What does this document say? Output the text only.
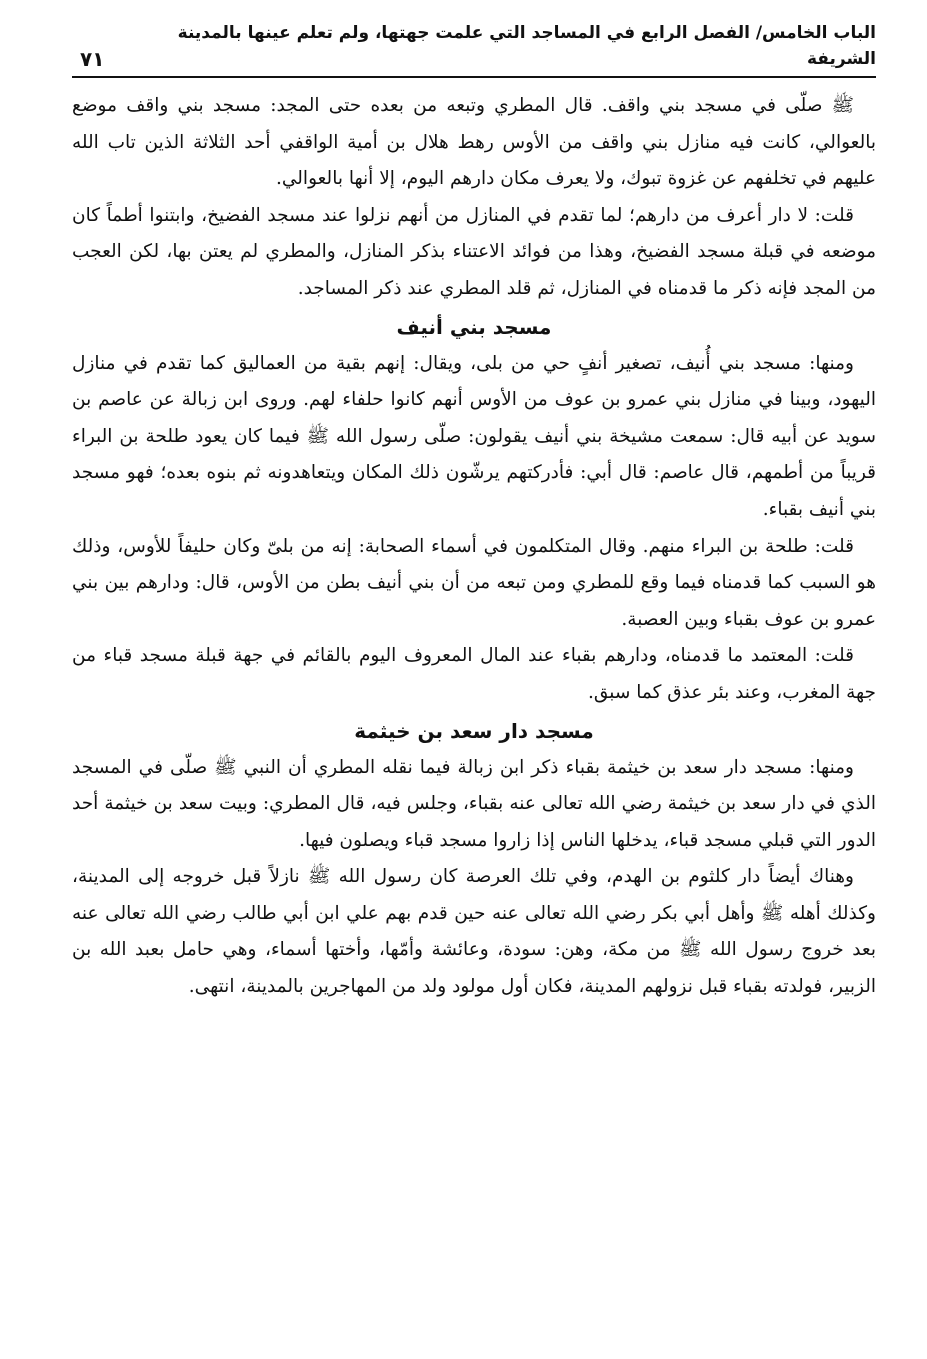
الباب الخامس/ الفصل الرابع في المساجد التي علمت جهتها، ولم تعلم عينها بالمدينة الشريفة
٧١

ﷺ صلّى في مسجد بني واقف. قال المطري وتبعه من بعده حتى المجد: مسجد بني واقف موضع بالعوالي، كانت فيه منازل بني واقف من الأوس رهط هلال بن أمية الواقفي أحد الثلاثة الذين تاب الله عليهم في تخلفهم عن غزوة تبوك، ولا يعرف مكان دارهم اليوم، إلا أنها بالعوالي.

قلت: لا دار أعرف من دارهم؛ لما تقدم في المنازل من أنهم نزلوا عند مسجد الفضيخ، وابتنوا أطماً كان موضعه في قبلة مسجد الفضيخ، وهذا من فوائد الاعتناء بذكر المنازل، والمطري لم يعتن بها، لكن العجب من المجد فإنه ذكر ما قدمناه في المنازل، ثم قلد المطري عند ذكر المساجد.

مسجد بني أنيف

ومنها: مسجد بني أُنيف، تصغير أنفٍ حي من بلى، ويقال: إنهم بقية من العماليق كما تقدم في منازل اليهود، وبينا في منازل بني عمرو بن عوف من الأوس أنهم كانوا حلفاء لهم. وروى ابن زبالة عن عاصم بن سويد عن أبيه قال: سمعت مشيخة بني أنيف يقولون: صلّى رسول الله ﷺ فيما كان يعود طلحة بن البراء قريباً من أطمهم، قال عاصم: قال أبي: فأدركتهم يرشّون ذلك المكان ويتعاهدونه ثم بنوه بعده؛ فهو مسجد بني أنيف بقباء.

قلت: طلحة بن البراء منهم. وقال المتكلمون في أسماء الصحابة: إنه من بلىّ وكان حليفاً للأوس، وذلك هو السبب كما قدمناه فيما وقع للمطري ومن تبعه من أن بني أنيف بطن من الأوس، قال: ودارهم بين بني عمرو بن عوف بقباء وبين العصبة.

قلت: المعتمد ما قدمناه، ودارهم بقباء عند المال المعروف اليوم بالقائم في جهة قبلة مسجد قباء من جهة المغرب، وعند بئر عذق كما سبق.

مسجد دار سعد بن خيثمة

ومنها: مسجد دار سعد بن خيثمة بقباء ذكر ابن زبالة فيما نقله المطري أن النبي ﷺ صلّى في المسجد الذي في دار سعد بن خيثمة رضي الله تعالى عنه بقباء، وجلس فيه، قال المطري: وبيت سعد بن خيثمة أحد الدور التي قبلي مسجد قباء، يدخلها الناس إذا زاروا مسجد قباء ويصلون فيها.

وهناك أيضاً دار كلثوم بن الهدم، وفي تلك العرصة كان رسول الله ﷺ نازلاً قبل خروجه إلى المدينة، وكذلك أهله ﷺ وأهل أبي بكر رضي الله تعالى عنه حين قدم بهم علي ابن أبي طالب رضي الله تعالى عنه بعد خروج رسول الله ﷺ من مكة، وهن: سودة، وعائشة وأمّها، وأختها أسماء، وهي حامل بعبد الله بن الزبير، فولدته بقباء قبل نزولهم المدينة، فكان أول مولود ولد من المهاجرين بالمدينة، انتهى.
